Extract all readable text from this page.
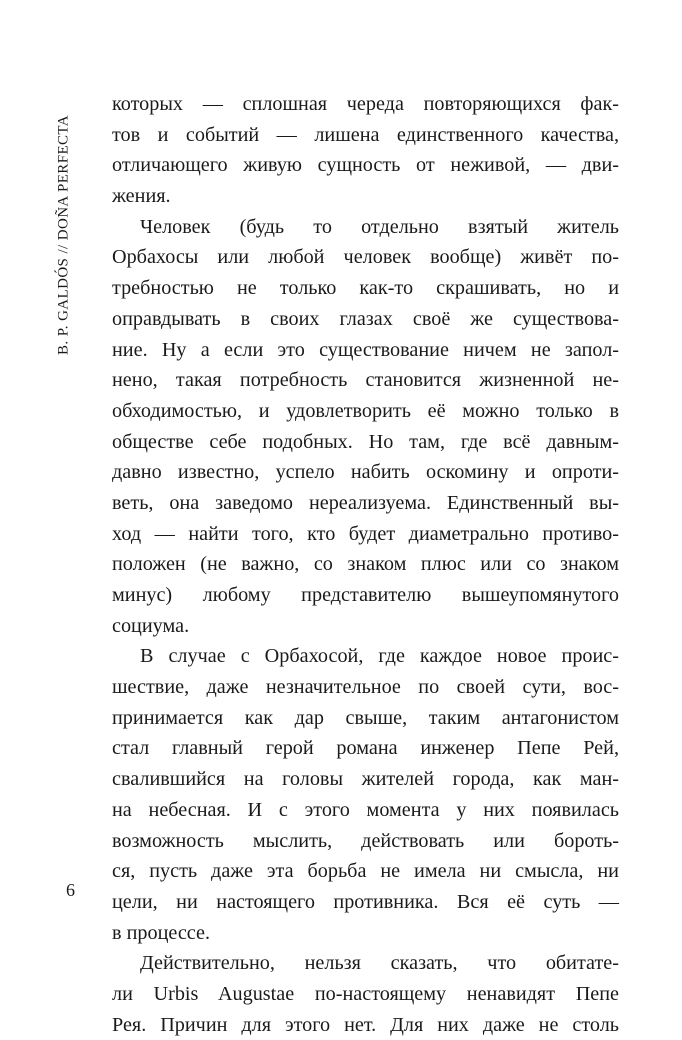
B. P. GALDÓS // DOÑA PERFECTA
которых — сплошная череда повторяющихся фак-
тов и событий — лишена единственного качества,
отличающего живую сущность от неживой, — дви-
жения.
Человек (будь то отдельно взятый житель
Орбахосы или любой человек вообще) живёт по-
требностью не только как-то скрашивать, но и
оправдывать в своих глазах своё же существова-
ние. Ну а если это существование ничем не запол-
нено, такая потребность становится жизненной не-
обходимостью, и удовлетворить её можно только в
обществе себе подобных. Но там, где всё давным-
давно известно, успело набить оскомину и опроти-
веть, она заведомо нереализуема. Единственный вы-
ход — найти того, кто будет диаметрально противо-
положен (не важно, со знаком плюс или со знаком
минус) любому представителю вышеупомянутого
социума.
В случае с Орбахосой, где каждое новое проис-
шествие, даже незначительное по своей сути, вос-
принимается как дар свыше, таким антагонистом
стал главный герой романа инженер Пепе Рей,
свалившийся на головы жителей города, как ман-
на небесная. И с этого момента у них появилась
возможность мыслить, действовать или бороть-
ся, пусть даже эта борьба не имела ни смысла, ни
цели, ни настоящего противника. Вся её суть —
в процессе.
Действительно, нельзя сказать, что обитате-
ли Urbis Augustae по-настоящему ненавидят Пепе
Рея. Причин для этого нет. Для них даже не столь
6
